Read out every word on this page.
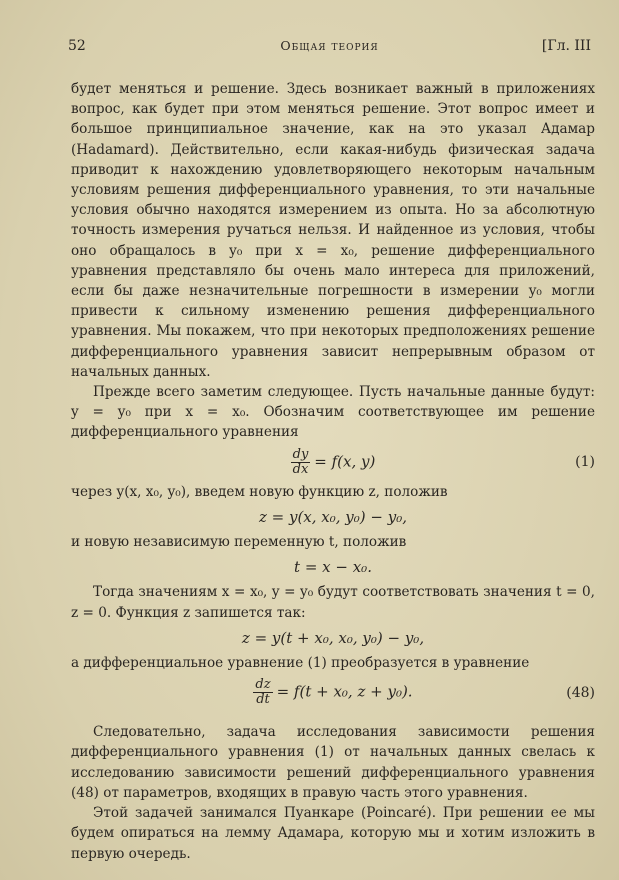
52	Общая теория	[Гл. III

будет меняться и решение. Здесь возникает важный в приложениях вопрос, как будет при этом меняться решение. Этот вопрос имеет и большое принципиальное значение, как на это указал Адамар (Hadamard). Действительно, если какая-нибудь физическая задача приводит к нахождению удовлетворяющего некоторым начальным условиям решения дифференциального уравнения, то эти начальные условия обычно находятся измерением из опыта. Но за абсолютную точность измерения ручаться нельзя. И найденное из условия, чтобы оно обращалось в y₀ при x = x₀, решение дифференциального уравнения представляло бы очень мало интереса для приложений, если бы даже незначительные погрешности в измерении y₀ могли привести к сильному изменению решения дифференциального уравнения. Мы покажем, что при некоторых предположениях решение дифференциального уравнения зависит непрерывным образом от начальных данных.

Прежде всего заметим следующее. Пусть начальные данные будут: y = y₀ при x = x₀. Обозначим соответствующее им решение дифференциального уравнения

$\frac{dy}{dx} = f(x$, y)	(1)

через y(x, x₀, y₀), введем новую функцию z, положив

z = y(x, x₀, y₀) − y₀,

и новую независимую переменную t, положив

t = x − x₀.

Тогда значениям x = x₀, y = y₀ будут соответствовать значения t = 0, z = 0. Функция z запишется так:

z = y(t + x₀, x₀, y₀) − y₀,

а дифференциальное уравнение (1) преобразуется в уравнение

$\frac{dz}{dt} = f(t + x_0$, z + y₀).	(48)

Следовательно, задача исследования зависимости решения дифференциального уравнения (1) от начальных данных свелась к исследованию зависимости решений дифференциального уравнения (48) от параметров, входящих в правую часть этого уравнения.

Этой задачей занимался Пуанкаре (Poincaré). При решении ее мы будем опираться на лемму Адамара, которую мы и хотим изложить в первую очередь.
